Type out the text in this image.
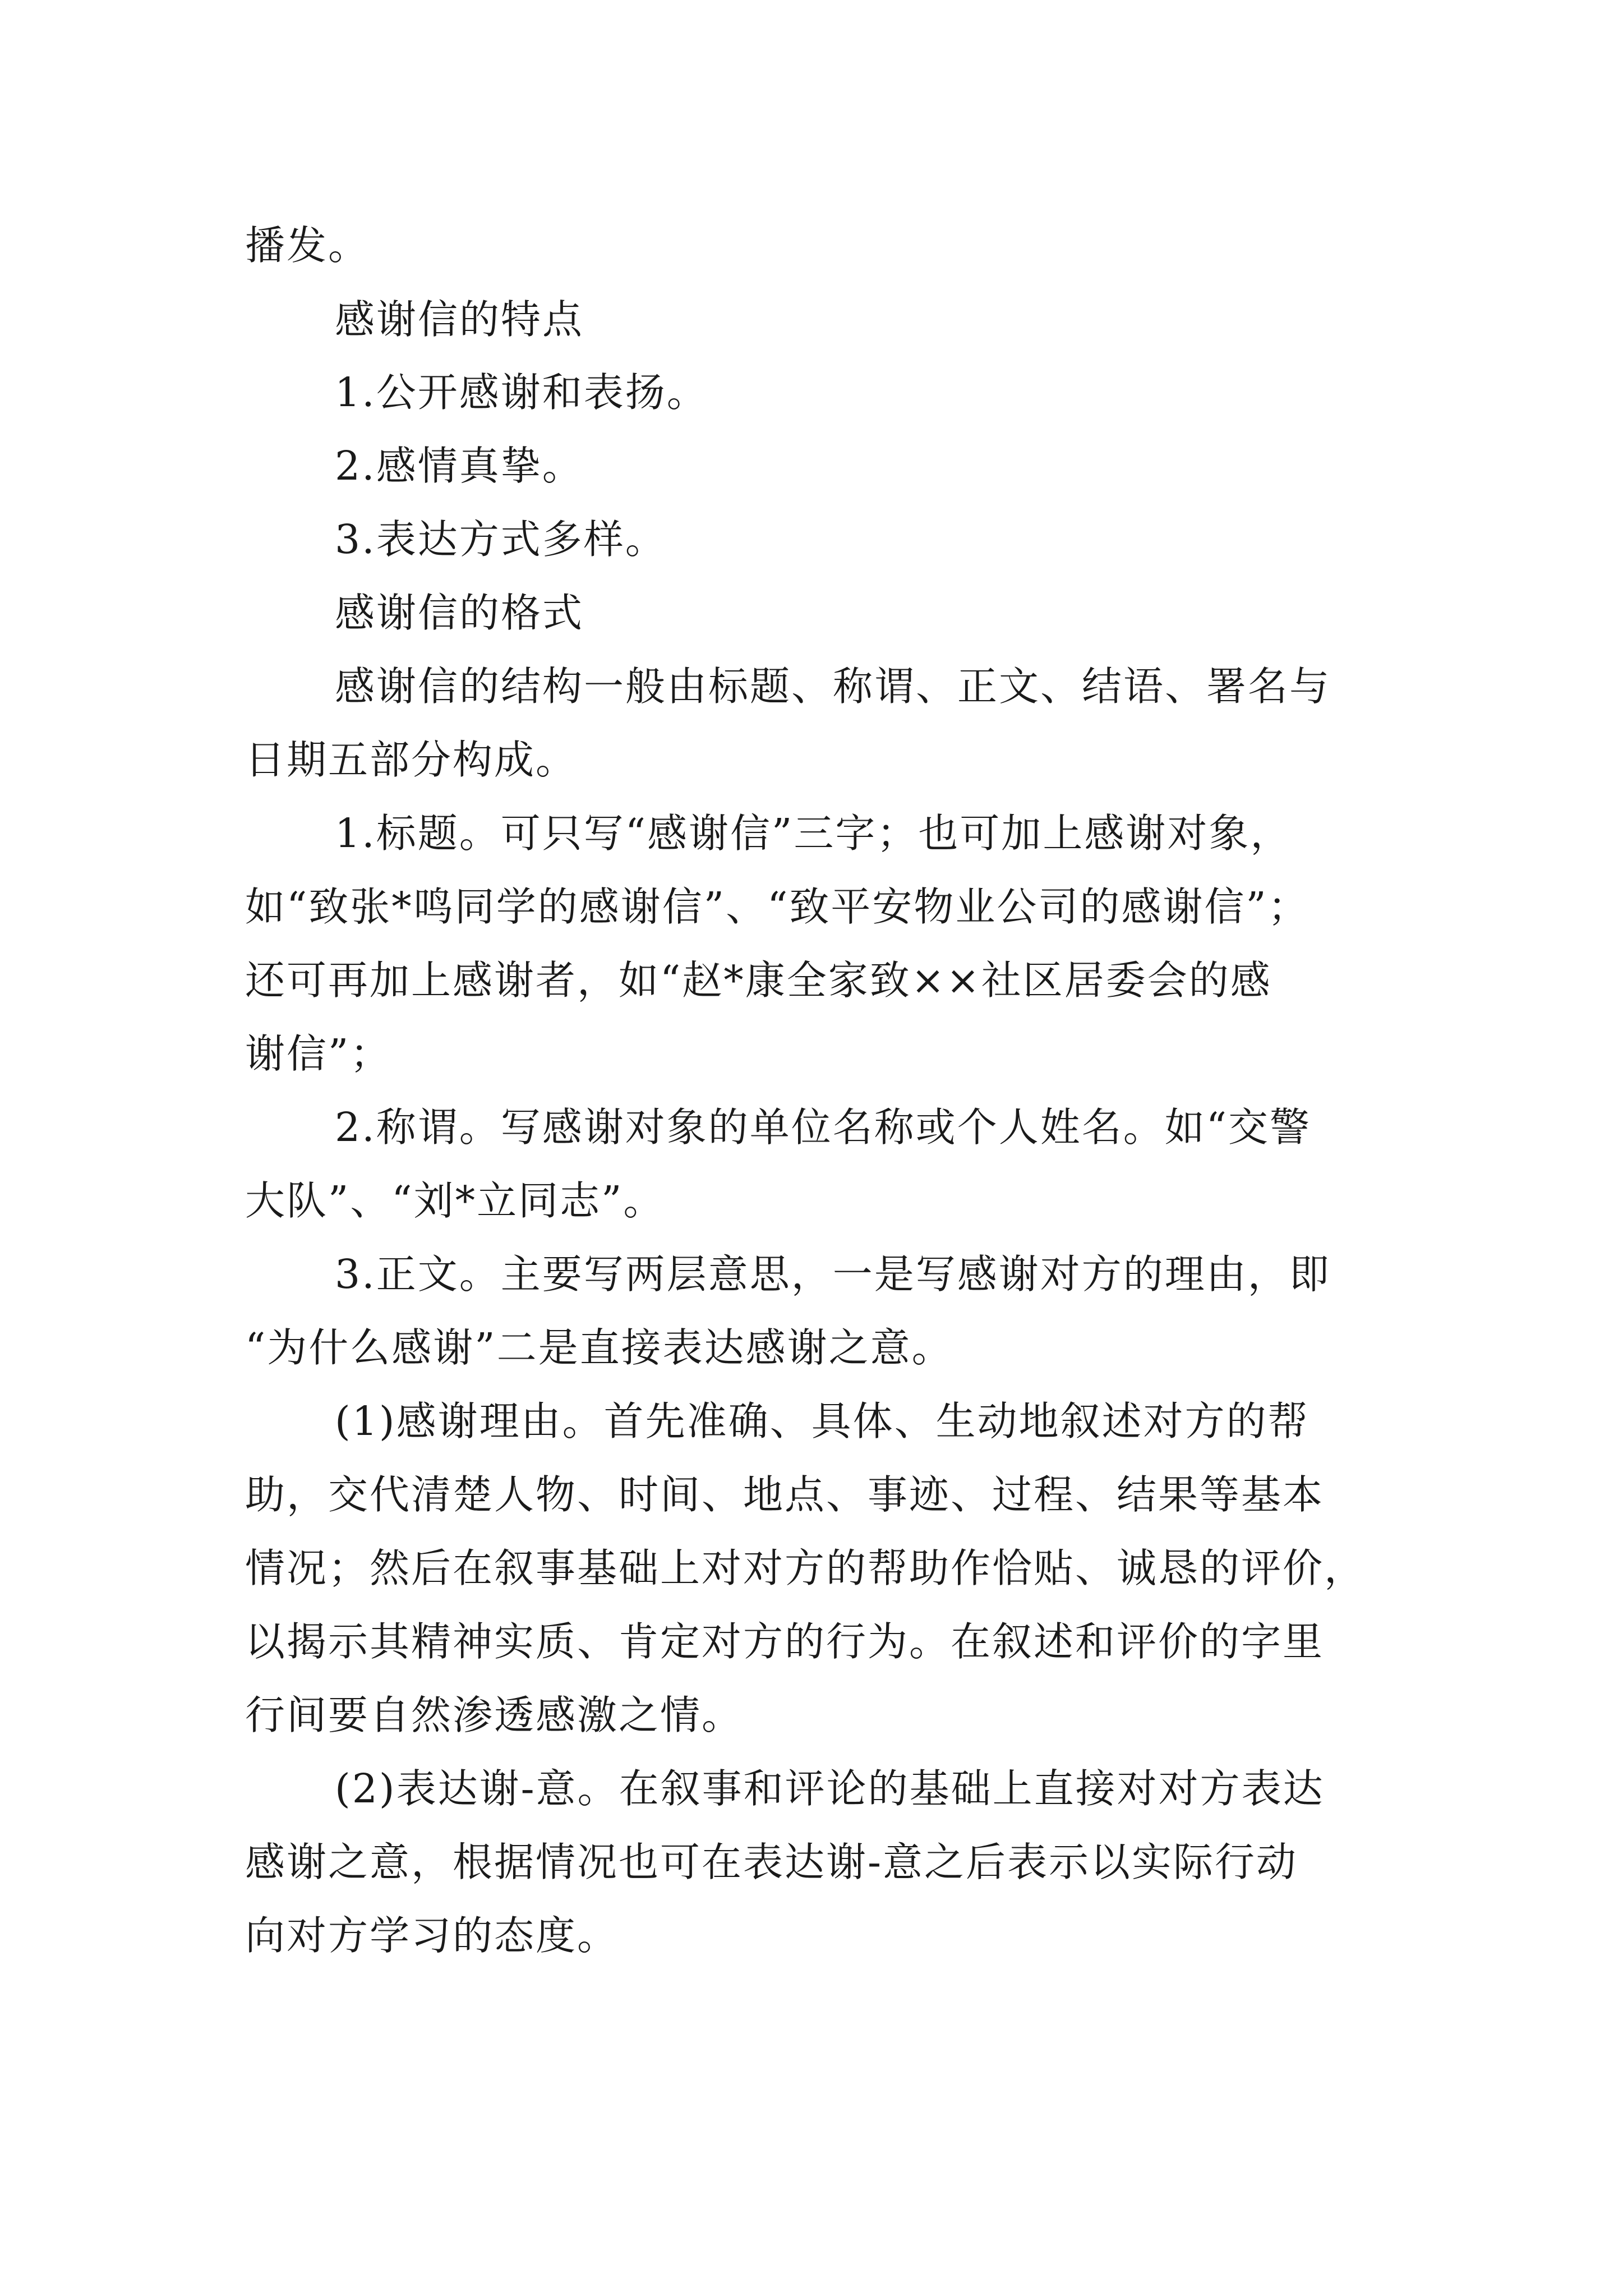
播发。

感谢信的特点

1.公开感谢和表扬。

2.感情真挚。

3.表达方式多样。

感谢信的格式

感谢信的结构一般由标题、称谓、正文、结语、署名与

日期五部分构成。

1.标题。可只写“感谢信”三字；也可加上感谢对象，

如“致张*鸣同学的感谢信”、“致平安物业公司的感谢信”；

还可再加上感谢者，如“赵*康全家致××社区居委会的感

谢信”；

2.称谓。写感谢对象的单位名称或个人姓名。如“交警

大队”、“刘*立同志”。

3.正文。主要写两层意思，一是写感谢对方的理由，即

“为什么感谢”二是直接表达感谢之意。

(1)感谢理由。首先准确、具体、生动地叙述对方的帮

助，交代清楚人物、时间、地点、事迹、过程、结果等基本

情况；然后在叙事基础上对对方的帮助作恰贴、诚恳的评价，

以揭示其精神实质、肯定对方的行为。在叙述和评价的字里

行间要自然渗透感激之情。

(2)表达谢-意。在叙事和评论的基础上直接对对方表达

感谢之意，根据情况也可在表达谢-意之后表示以实际行动

向对方学习的态度。
